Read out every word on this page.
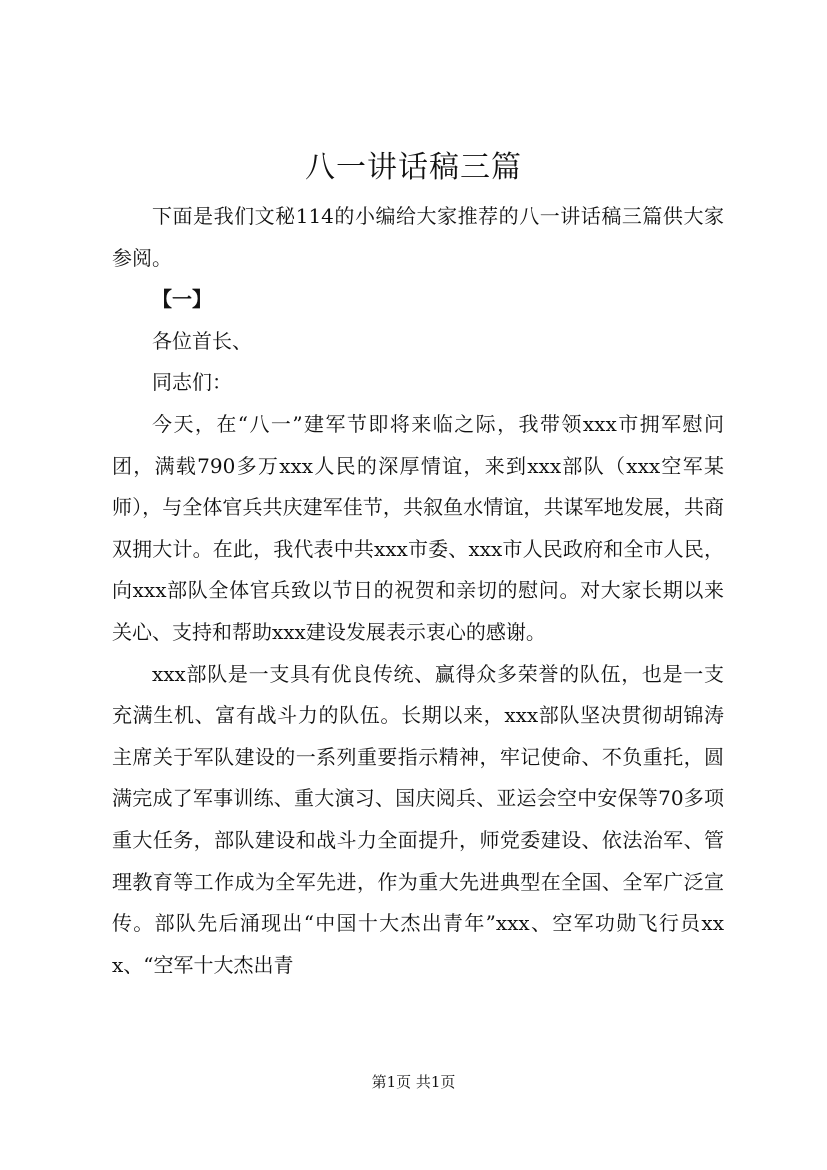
八一讲话稿三篇

下面是我们文秘114的小编给大家推荐的八一讲话稿三篇供大家参阅。

【一】

各位首长、

同志们：

今天，在“八一”建军节即将来临之际，我带领xxx市拥军慰问团，满载790多万xxx人民的深厚情谊，来到xxx部队（xxx空军某师），与全体官兵共庆建军佳节，共叙鱼水情谊，共谋军地发展，共商双拥大计。在此，我代表中共xxx市委、xxx市人民政府和全市人民，向xxx部队全体官兵致以节日的祝贺和亲切的慰问。对大家长期以来关心、支持和帮助xxx建设发展表示衷心的感谢。

xxx部队是一支具有优良传统、赢得众多荣誉的队伍，也是一支充满生机、富有战斗力的队伍。长期以来，xxx部队坚决贯彻胡锦涛主席关于军队建设的一系列重要指示精神，牢记使命、不负重托，圆满完成了军事训练、重大演习、国庆阅兵、亚运会空中安保等70多项重大任务，部队建设和战斗力全面提升，师党委建设、依法治军、管理教育等工作成为全军先进，作为重大先进典型在全国、全军广泛宣传。部队先后涌现出“中国十大杰出青年”xxx、空军功勋飞行员xxx、“空军十大杰出青

第1页 共1页
